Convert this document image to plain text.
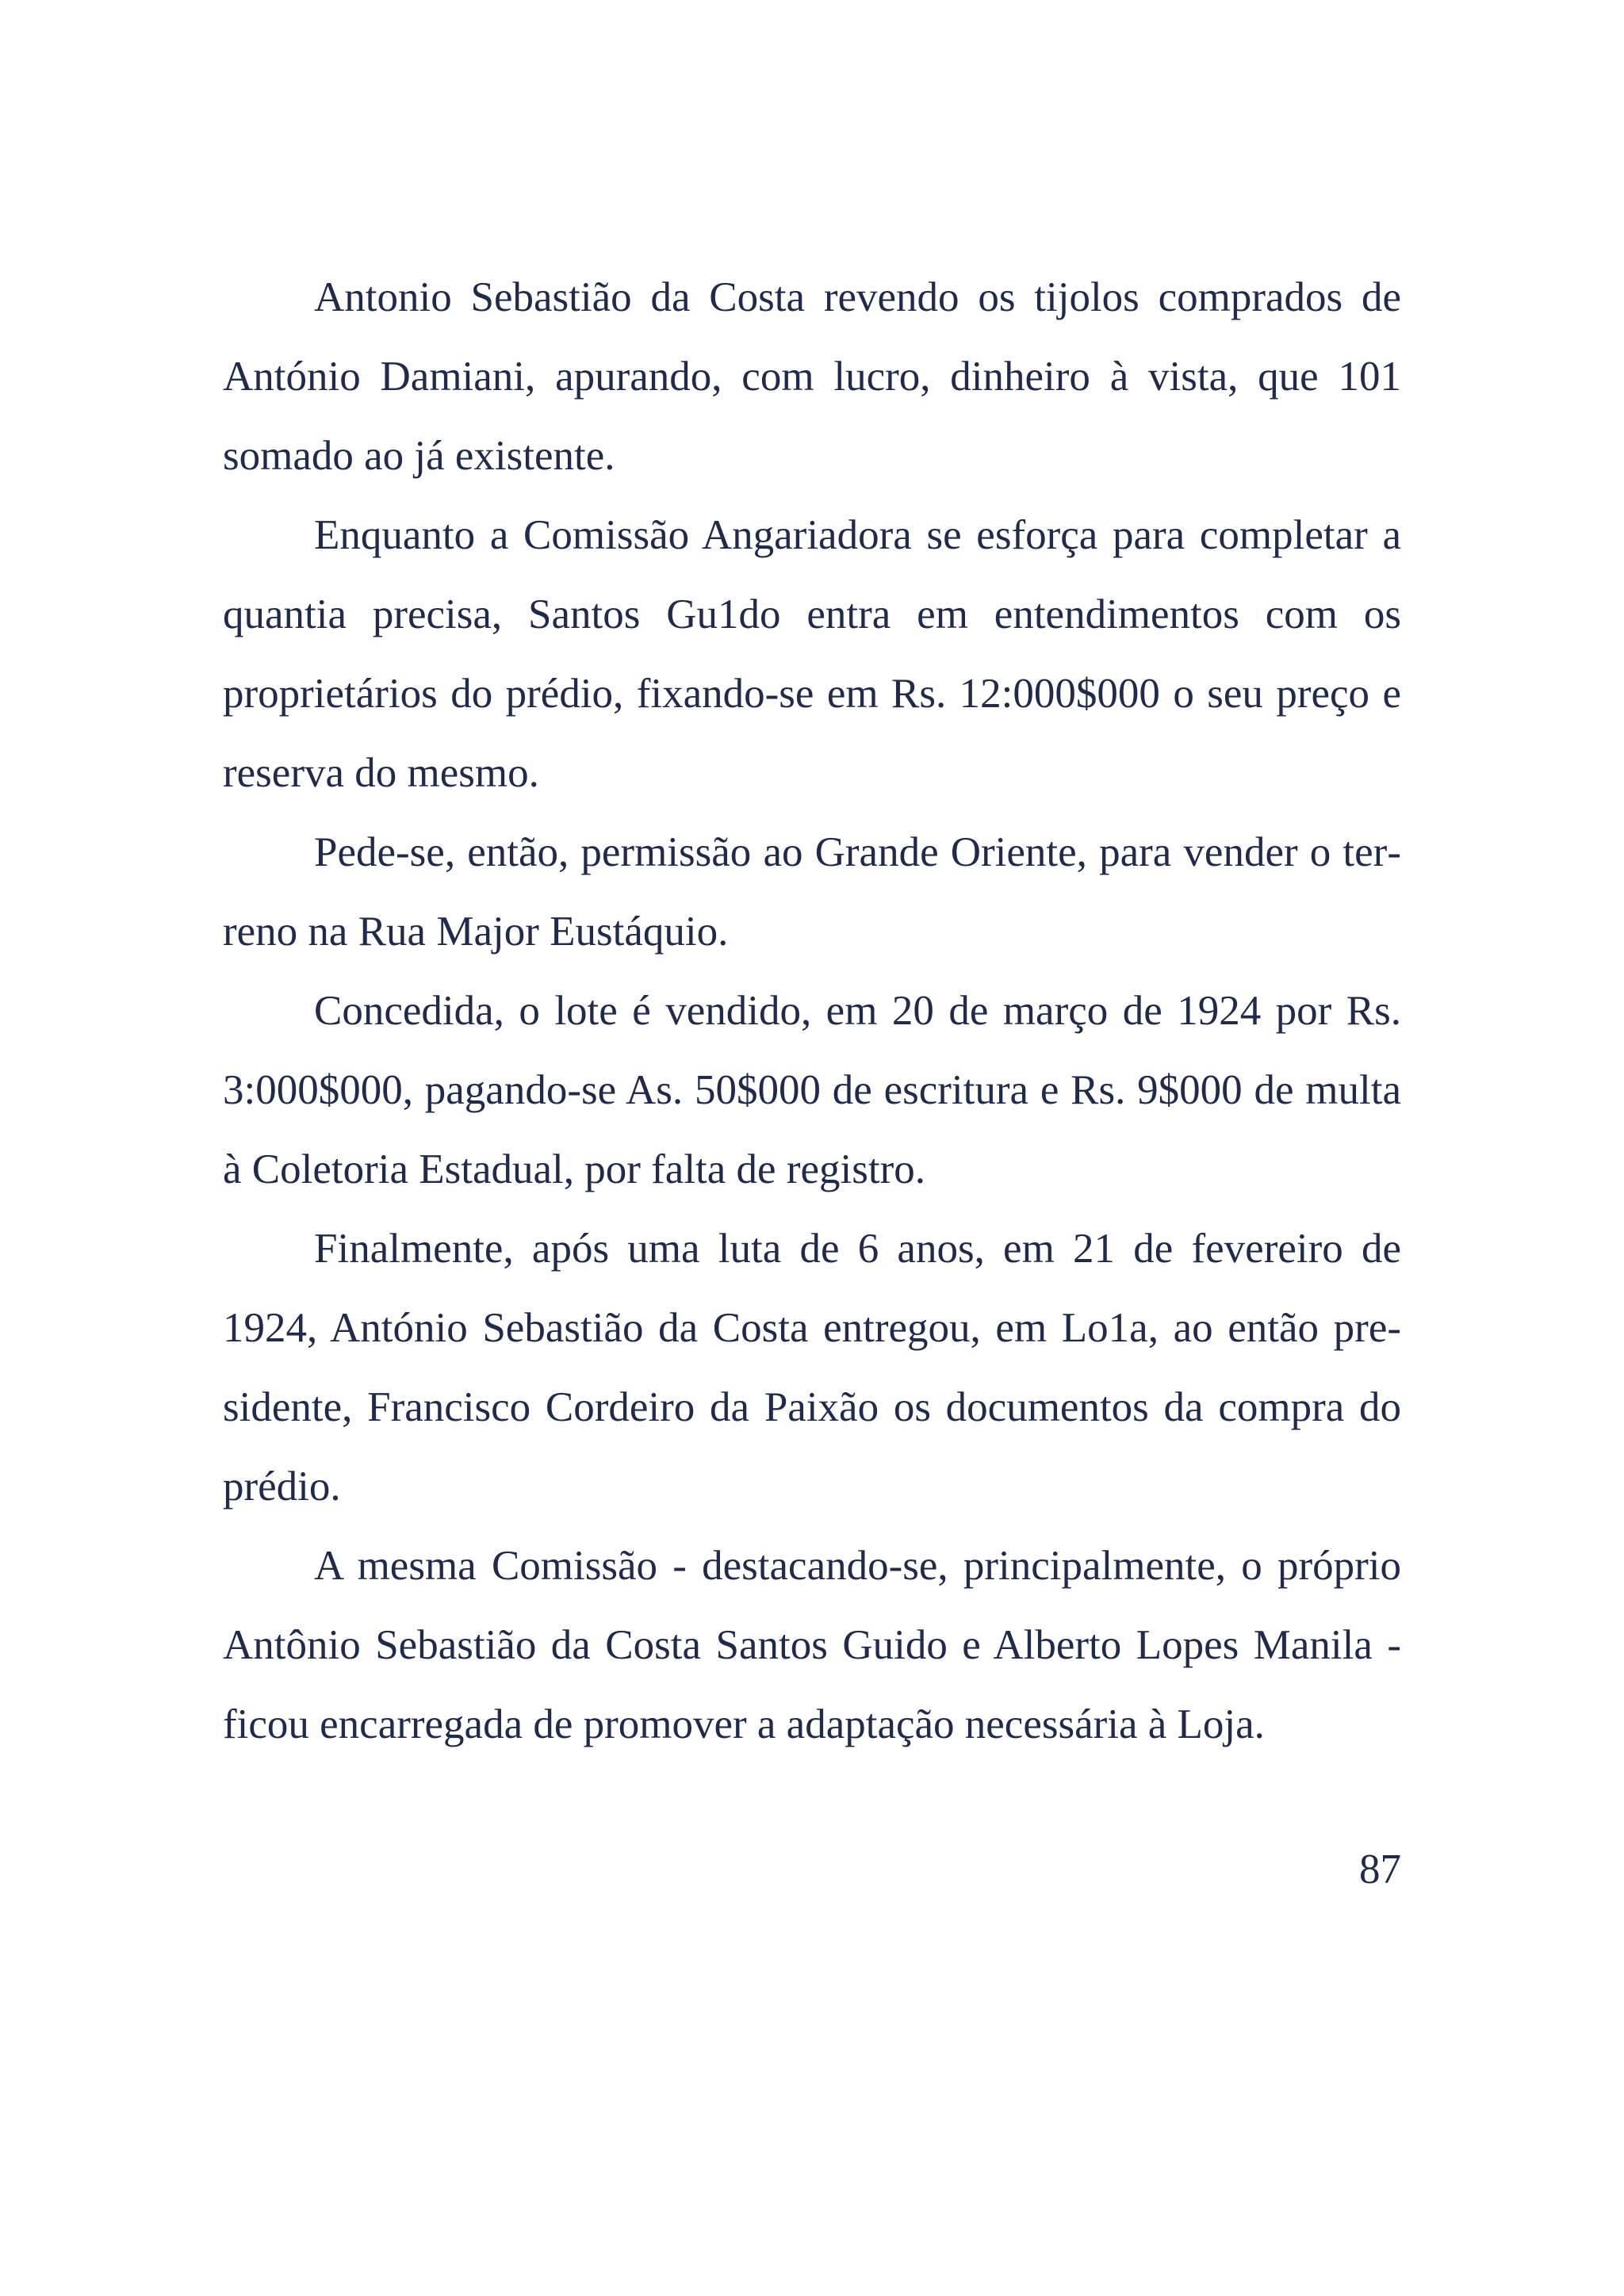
Antonio Sebastião da Costa revendo os tijolos comprados de António Damiani, apurando, com lucro, dinheiro à vista, que 101 somado ao já existente.

Enquanto a Comissão Angariadora se esforça para completar a quantia precisa, Santos Gu1do entra em entendimentos com os proprietários do prédio, fixando-se em Rs. 12:000$000 o seu preço e reserva do mesmo.

Pede-se, então, permissão ao Grande Oriente, para vender o terreno na Rua Major Eustáquio.

Concedida, o lote é vendido, em 20 de março de 1924 por Rs. 3:000$000, pagando-se As. 50$000 de escritura e Rs. 9$000 de multa à Coletoria Estadual, por falta de registro.

Finalmente, após uma luta de 6 anos, em 21 de fevereiro de 1924, António Sebastião da Costa entregou, em Lo1a, ao então presidente, Francisco Cordeiro da Paixão os documentos da compra do prédio.

A mesma Comissão - destacando-se, principalmente, o próprio Antônio Sebastião da Costa Santos Guido e Alberto Lopes Manila - ficou encarregada de promover a adaptação necessária à Loja.

87
